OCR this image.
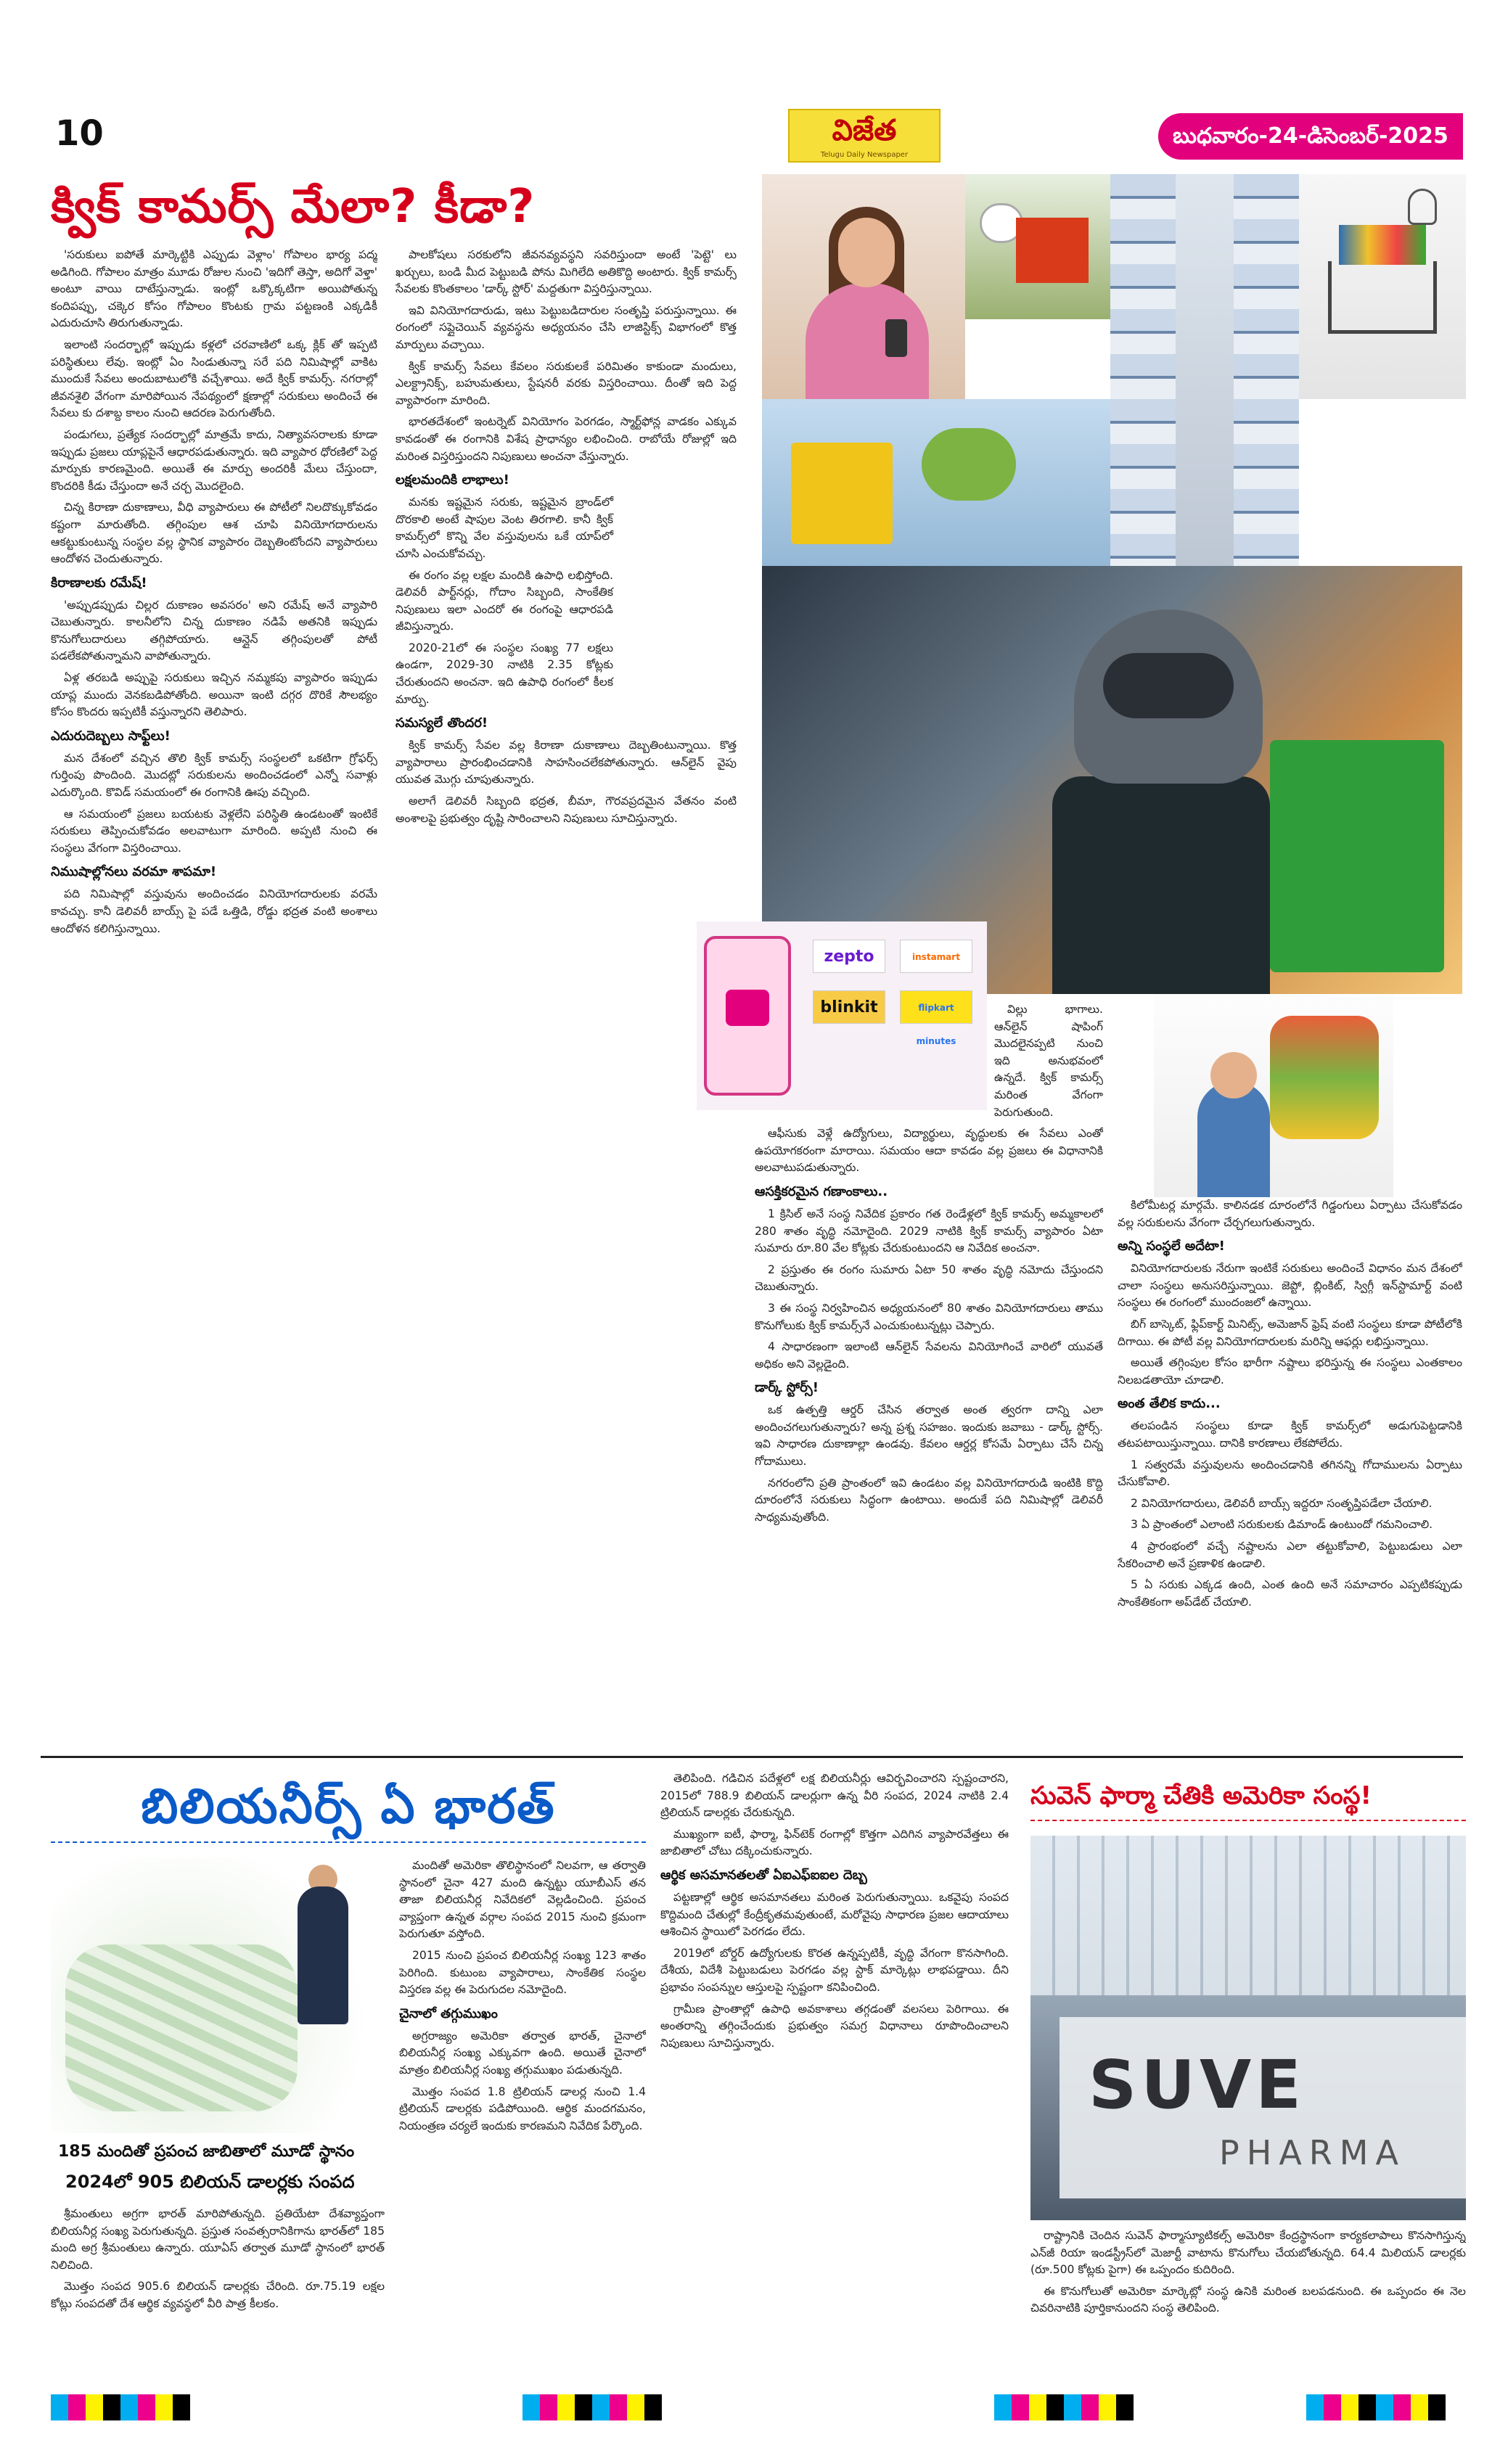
10	విజేత
Telugu Daily Newspaper
బుధవారం-24-డిసెంబర్-2025
క్విక్ కామర్స్ మేలా? కీడా?

'సరుకులు ఐపోతే మార్కెట్టికి ఎప్పుడు వెళ్లాం' గోపాలం భార్య పద్మ అడిగింది. గోపాలం మాత్రం మూడు రోజుల నుంచి 'ఇదిగో తెస్తా, అదిగో వెళ్తా' అంటూ వాయి దాటేస్తున్నాడు. ఇంట్లో ఒక్కొక్కటిగా అయిపోతున్న కందిపప్పు, చక్కెర కోసం గోపాలం కొంటకు గ్రామ పట్టణంకి ఎక్కడికీ ఎదురుచూసి తిరుగుతున్నాడు.

ఇలాంటి సందర్భాల్లో ఇప్పుడు కళ్లలో చరవాణిలో ఒక్క క్లిక్ తో ఇప్పటి పరిస్థితులు లేవు. ఇంట్లో ఏం సిండుతున్నా సరే పది నిమిషాల్లో వాకిట ముందుకే సేవలు అందుబాటులోకి వచ్చేశాయి. అదే క్విక్ కామర్స్. నగరాల్లో జీవనశైలి వేగంగా మారిపోయిన నేపథ్యంలో క్షణాల్లో సరుకులు అందించే ఈ సేవలు కు దశాబ్ద కాలం నుంచి ఆదరణ పెరుగుతోంది.

పండుగలు, ప్రత్యేక సందర్భాల్లో మాత్రమే కాదు, నిత్యావసరాలకు కూడా ఇప్పుడు ప్రజలు యాప్లపైనే ఆధారపడుతున్నారు. ఇది వ్యాపార ధోరణిలో పెద్ద మార్పుకు కారణమైంది. అయితే ఈ మార్పు అందరికీ మేలు చేస్తుందా, కొందరికి కీడు చేస్తుందా అనే చర్చ మొదలైంది.

చిన్న కిరాణా దుకాణాలు, వీధి వ్యాపారులు ఈ పోటీలో నిలదొక్కుకోవడం కష్టంగా మారుతోంది. తగ్గింపుల ఆశ చూపి వినియోగదారులను ఆకట్టుకుంటున్న సంస్థల వల్ల స్థానిక వ్యాపారం దెబ్బతింటోందని వ్యాపారులు ఆందోళన చెందుతున్నారు.

కిరాణాలకు రమేష్!

'అప్పుడప్పుడు చిల్లర దుకాణం అవసరం' అని రమేష్ అనే వ్యాపారి చెబుతున్నారు. కాలనీలోని చిన్న దుకాణం నడిపే అతనికి ఇప్పుడు కొనుగోలుదారులు తగ్గిపోయారు. ఆన్లైన్ తగ్గింపులతో పోటీ పడలేకపోతున్నామని వాపోతున్నారు.

ఏళ్ల తరబడి అప్పుపై సరుకులు ఇచ్చిన నమ్మకపు వ్యాపారం ఇప్పుడు యాప్ల ముందు వెనకబడిపోతోంది. అయినా ఇంటి దగ్గర దొరికే సౌలభ్యం కోసం కొందరు ఇప్పటికీ వస్తున్నారని తెలిపారు.

ఎదురుదెబ్బలు సాఫ్ట్‌లు!

మన దేశంలో వచ్చిన తొలి క్విక్ కామర్స్ సంస్థలలో ఒకటిగా గ్రోఫర్స్ గుర్తింపు పొందింది. మొదట్లో సరుకులను అందించడంలో ఎన్నో సవాళ్లు ఎదుర్కొంది. కొవిడ్ సమయంలో ఈ రంగానికి ఊపు వచ్చింది.

ఆ సమయంలో ప్రజలు బయటకు వెళ్లలేని పరిస్థితి ఉండటంతో ఇంటికే సరుకులు తెప్పించుకోవడం అలవాటుగా మారింది. అప్పటి నుంచి ఈ సంస్థలు వేగంగా విస్తరించాయి.

నిముషాల్లోనలు వరమా శాపమా!

పది నిమిషాల్లో వస్తువును అందించడం వినియోగదారులకు వరమే కావచ్చు. కానీ డెలివరీ బాయ్స్ పై పడే ఒత్తిడి, రోడ్డు భద్రత వంటి అంశాలు ఆందోళన కలిగిస్తున్నాయి.

పాలకోషలు సరకులోని జీవనవ్యవస్థని సవరిస్తుందా అంటే 'పెట్టె' లు ఖర్చులు, బండి మీద పెట్టుబడి పోను మిగిలేది అతికొద్ది అంటారు. క్విక్ కామర్స్ సేవలకు కొంతకాలం 'డార్క్ స్టోర్' మద్దతుగా విస్తరిస్తున్నాయి.

ఇవి వినియోగదారుడు, ఇటు పెట్టుబడిదారుల సంతృప్తి పరుస్తున్నాయి. ఈ రంగంలో సప్లైచెయిన్ వ్యవస్థను అధ్యయనం చేసి లాజిస్టిక్స్ విభాగంలో కొత్త మార్పులు వచ్చాయి.

క్విక్ కామర్స్ సేవలు కేవలం సరుకులకే పరిమితం కాకుండా మందులు, ఎలక్ట్రానిక్స్, బహుమతులు, స్టేషనరీ వరకు విస్తరించాయి. దీంతో ఇది పెద్ద వ్యాపారంగా మారింది.

భారతదేశంలో ఇంటర్నెట్ వినియోగం పెరగడం, స్మార్ట్‌ఫోన్ల వాడకం ఎక్కువ కావడంతో ఈ రంగానికి విశేష ప్రాధాన్యం లభించింది. రాబోయే రోజుల్లో ఇది మరింత విస్తరిస్తుందని నిపుణులు అంచనా వేస్తున్నారు.

లక్షలమందికి లాభాలు!

మనకు ఇష్టమైన సరుకు, ఇష్టమైన బ్రాండ్‌లో దొరకాలి అంటే షాపుల వెంట తిరగాలి. కానీ క్విక్ కామర్స్‌లో కొన్ని వేల వస్తువులను ఒకే యాప్‌లో చూసి ఎంచుకోవచ్చు.

ఈ రంగం వల్ల లక్షల మందికి ఉపాధి లభిస్తోంది. డెలివరీ పార్ట్‌నర్లు, గోదాం సిబ్బంది, సాంకేతిక నిపుణులు ఇలా ఎందరో ఈ రంగంపై ఆధారపడి జీవిస్తున్నారు.

2020-21లో ఈ సంస్థల సంఖ్య 77 లక్షలు ఉండగా, 2029-30 నాటికి 2.35 కోట్లకు చేరుతుందని అంచనా. ఇది ఉపాధి రంగంలో కీలక మార్పు.

సమస్యలే తొందర!

క్విక్ కామర్స్ సేవల వల్ల కిరాణా దుకాణాలు దెబ్బతింటున్నాయి. కొత్త వ్యాపారాలు ప్రారంభించడానికి సాహసించలేకపోతున్నారు. ఆన్‌లైన్ వైపు యువత మొగ్గు చూపుతున్నారు.

అలాగే డెలివరీ సిబ్బంది భద్రత, బీమా, గౌరవప్రదమైన వేతనం వంటి అంశాలపై ప్రభుత్వం దృష్టి సారించాలని నిపుణులు సూచిస్తున్నారు.

విల్లు భాగాలు. ఆన్‌లైన్ షాపింగ్ మొదలైనప్పటి నుంచి ఇది అనుభవంలో ఉన్నదే. క్విక్ కామర్స్ మరింత వేగంగా పెరుగుతుంది.

ఆఫీసుకు వెళ్లే ఉద్యోగులు, విద్యార్థులు, వృద్ధులకు ఈ సేవలు ఎంతో ఉపయోగకరంగా మారాయి. సమయం ఆదా కావడం వల్ల ప్రజలు ఈ విధానానికి అలవాటుపడుతున్నారు.

ఆసక్తికరమైన గణాంకాలు..

1 క్రిసిల్ అనే సంస్థ నివేదిక ప్రకారం గత రెండేళ్లలో క్విక్ కామర్స్ అమ్మకాలలో 280 శాతం వృద్ధి నమోదైంది. 2029 నాటికి క్విక్ కామర్స్ వ్యాపారం ఏటా సుమారు రూ.80 వేల కోట్లకు చేరుకుంటుందని ఆ నివేదిక అంచనా.

2 ప్రస్తుతం ఈ రంగం సుమారు ఏటా 50 శాతం వృద్ధి నమోదు చేస్తుందని చెబుతున్నారు.

3 ఈ సంస్థ నిర్వహించిన అధ్యయనంలో 80 శాతం వినియోగదారులు తాము కొనుగోలుకు క్విక్ కామర్స్‌నే ఎంచుకుంటున్నట్లు చెప్పారు.

4 సాధారణంగా ఇలాంటి ఆన్‌లైన్ సేవలను వినియోగించే వారిలో యువతే అధికం అని వెల్లడైంది.

డార్క్ స్టోర్స్!

ఒక ఉత్పత్తి ఆర్డర్ చేసిన తర్వాత అంత త్వరగా దాన్ని ఎలా అందించగలుగుతున్నారు? అన్న ప్రశ్న సహజం. ఇందుకు జవాబు - డార్క్ స్టోర్స్. ఇవి సాధారణ దుకాణాల్లా ఉండవు. కేవలం ఆర్డర్ల కోసమే ఏర్పాటు చేసే చిన్న గోదాములు.

నగరంలోని ప్రతి ప్రాంతంలో ఇవి ఉండటం వల్ల వినియోగదారుడి ఇంటికి కొద్ది దూరంలోనే సరుకులు సిద్ధంగా ఉంటాయి. అందుకే పది నిమిషాల్లో డెలివరీ సాధ్యమవుతోంది.

కిలోమీటర్ల మార్గమే. కాలినడక దూరంలోనే గిడ్డంగులు ఏర్పాటు చేసుకోవడం వల్ల సరుకులను వేగంగా చేర్చగలుగుతున్నారు.

అన్ని సంస్థలే అదేటా!

వినియోగదారులకు నేరుగా ఇంటికే సరుకులు అందించే విధానం మన దేశంలో చాలా సంస్థలు అనుసరిస్తున్నాయి. జెప్టో, బ్లింకిట్, స్విగ్గీ ఇన్‌స్టామార్ట్ వంటి సంస్థలు ఈ రంగంలో ముందంజలో ఉన్నాయి.

బిగ్ బాస్కెట్, ఫ్లిప్‌కార్ట్ మినిట్స్, అమెజాన్ ఫ్రెష్ వంటి సంస్థలు కూడా పోటీలోకి దిగాయి. ఈ పోటీ వల్ల వినియోగదారులకు మరిన్ని ఆఫర్లు లభిస్తున్నాయి.

అయితే తగ్గింపుల కోసం భారీగా నష్టాలు భరిస్తున్న ఈ సంస్థలు ఎంతకాలం నిలబడతాయో చూడాలి.

అంత తేలిక కాదు...

తలపండిన సంస్థలు కూడా క్విక్ కామర్స్‌లో అడుగుపెట్టడానికి తటపటాయిస్తున్నాయి. దానికి కారణాలు లేకపోలేదు.

1 సత్వరమే వస్తువులను అందించడానికి తగినన్ని గోదాములను ఏర్పాటు చేసుకోవాలి.

2 వినియోగదారులు, డెలివరీ బాయ్స్ ఇద్దరూ సంతృప్తిపడేలా చేయాలి.

3 ఏ ప్రాంతంలో ఎలాంటి సరుకులకు డిమాండ్ ఉంటుందో గమనించాలి.

4 ప్రారంభంలో వచ్చే నష్టాలను ఎలా తట్టుకోవాలి, పెట్టుబడులు ఎలా సేకరించాలి అనే ప్రణాళిక ఉండాలి.

5 ఏ సరుకు ఎక్కడ ఉంది, ఎంత ఉంది అనే సమాచారం ఎప్పటికప్పుడు సాంకేతికంగా అప్‌డేట్ చేయాలి.

zepto	instamart
blinkit	flipkart minutes
బిలియనీర్స్ ఏ భారత్
185 మందితో ప్రపంచ జాబితాలో మూడో స్థానం
2024లో 905 బిలియన్ డాలర్లకు సంపద

శ్రీమంతులు అగ్రగా భారత్ మారిపోతున్నది. ప్రతియేటా దేశవ్యాప్తంగా బిలియనీర్ల సంఖ్య పెరుగుతున్నది. ప్రస్తుత సంవత్సరానికిగాను భారత్‌లో 185 మంది అగ్ర శ్రీమంతులు ఉన్నారు. యూఏస్ తర్వాత మూడో స్థానంలో భారత్ నిలిచింది.

మొత్తం సంపద 905.6 బిలియన్ డాలర్లకు చేరింది. రూ.75.19 లక్షల కోట్లు సంపదతో దేశ ఆర్థిక వ్యవస్థలో వీరి పాత్ర కీలకం.

మందితో అమెరికా తొలిస్థానంలో నిలవగా, ఆ తర్వాతి స్థానంలో చైనా 427 మంది ఉన్నట్టు యూబీఎస్ తన తాజా బిలియనీర్ల నివేదికలో వెల్లడించింది. ప్రపంచ వ్యాప్తంగా ఉన్నత వర్గాల సంపద 2015 నుంచి క్రమంగా పెరుగుతూ వస్తోంది.

2015 నుంచి ప్రపంచ బిలియనీర్ల సంఖ్య 123 శాతం పెరిగింది. కుటుంబ వ్యాపారాలు, సాంకేతిక సంస్థల విస్తరణ వల్ల ఈ పెరుగుదల నమోదైంది.

చైనాలో తగ్గుముఖం

అగ్రరాజ్యం అమెరికా తర్వాత భారత్, చైనాలో బిలియనీర్ల సంఖ్య ఎక్కువగా ఉంది. అయితే చైనాలో మాత్రం బిలియనీర్ల సంఖ్య తగ్గుముఖం పడుతున్నది.

మొత్తం సంపద 1.8 ట్రిలియన్ డాలర్ల నుంచి 1.4 ట్రిలియన్ డాలర్లకు పడిపోయింది. ఆర్థిక మందగమనం, నియంత్రణ చర్యలే ఇందుకు కారణమని నివేదిక పేర్కొంది.

తెలిపింది. గడిచిన పదేళ్లలో లక్ష బిలియనీర్లు ఆవిర్భవించారని స్పష్టంచారని, 2015లో 788.9 బిలియన్ డాలర్లుగా ఉన్న వీరి సంపద, 2024 నాటికి 2.4 ట్రిలియన్ డాలర్లకు చేరుకున్నది.

ముఖ్యంగా ఐటీ, ఫార్మా, ఫిన్‌టెక్ రంగాల్లో కొత్తగా ఎదిగిన వ్యాపారవేత్తలు ఈ జాబితాలో చోటు దక్కించుకున్నారు.

ఆర్థిక అసమానతలతో ఏఐఎఫ్‌ఐఐల దెబ్బ

పట్టణాల్లో ఆర్థిక అసమానతలు మరింత పెరుగుతున్నాయి. ఒకవైపు సంపద కొద్దిమంది చేతుల్లో కేంద్రీకృతమవుతుంటే, మరోవైపు సాధారణ ప్రజల ఆదాయాలు ఆశించిన స్థాయిలో పెరగడం లేదు.

2019లో బోర్డర్ ఉద్యోగులకు కొరత ఉన్నప్పటికీ, వృద్ధి వేగంగా కొనసాగింది. దేశీయ, విదేశీ పెట్టుబడులు పెరగడం వల్ల స్టాక్ మార్కెట్లు లాభపడ్డాయి. దీని ప్రభావం సంపన్నుల ఆస్తులపై స్పష్టంగా కనిపించింది.

గ్రామీణ ప్రాంతాల్లో ఉపాధి అవకాశాలు తగ్గడంతో వలసలు పెరిగాయి. ఈ అంతరాన్ని తగ్గించేందుకు ప్రభుత్వం సమగ్ర విధానాలు రూపొందించాలని నిపుణులు సూచిస్తున్నారు.

సువెన్ ఫార్మా చేతికి అమెరికా సంస్థ!
SUVE
PHARMA

రాష్ట్రానికి చెందిన సువెన్ ఫార్మాస్యూటికల్స్ అమెరికా కేంద్రస్థానంగా కార్యకలాపాలు కొనసాగిస్తున్న ఎన్‌జీ రియా ఇండస్ట్రీస్‌లో మెజార్టీ వాటాను కొనుగోలు చేయబోతున్నది. 64.4 మిలియన్ డాలర్లకు (రూ.500 కోట్లకు పైగా) ఈ ఒప్పందం కుదిరింది.

ఈ కొనుగోలుతో అమెరికా మార్కెట్లో సంస్థ ఉనికి మరింత బలపడనుంది. ఈ ఒప్పందం ఈ నెల చివరినాటికి పూర్తికానుందని సంస్థ తెలిపింది.
